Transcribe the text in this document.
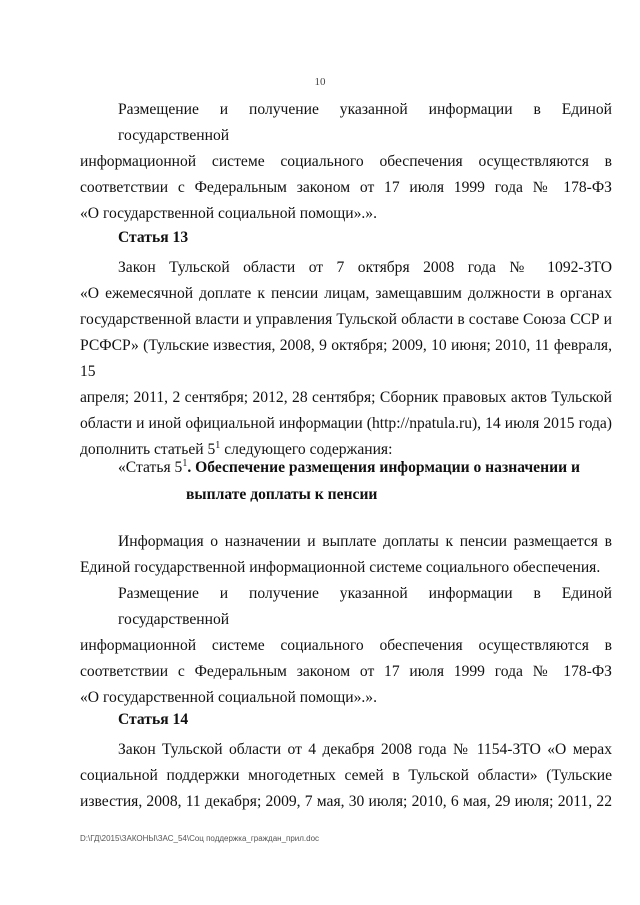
10

Размещение и получение указанной информации в Единой государственной

информационной системе социального обеспечения осуществляются в

соответствии с Федеральным законом от 17 июля 1999 года № 178-ФЗ

«О государственной социальной помощи».».

Статья 13

Закон Тульской области от 7 октября 2008 года № 1092-ЗТО

«О ежемесячной доплате к пенсии лицам, замещавшим должности в органах

государственной власти и управления Тульской области в составе Союза ССР и

РСФСР» (Тульские известия, 2008, 9 октября; 2009, 10 июня; 2010, 11 февраля, 15

апреля; 2011, 2 сентября; 2012, 28 сентября; Сборник правовых актов Тульской

области и иной официальной информации (http://npatula.ru), 14 июля 2015 года)

дополнить статьей $5^1$ следующего содержания:

«Статья $5^1$. Обеспечение размещения информации о назначении и
выплате доплаты к пенсии

Информация о назначении и выплате доплаты к пенсии размещается в

Единой государственной информационной системе социального обеспечения.

Размещение и получение указанной информации в Единой государственной

информационной системе социального обеспечения осуществляются в

соответствии с Федеральным законом от 17 июля 1999 года № 178-ФЗ

«О государственной социальной помощи».».

Статья 14

Закон Тульской области от 4 декабря 2008 года № 1154-ЗТО «О мерах

социальной поддержки многодетных семей в Тульской области» (Тульские

известия, 2008, 11 декабря; 2009, 7 мая, 30 июля; 2010, 6 мая, 29 июля; 2011, 22

D:\ГД\2015\ЗАКОНЫ\ЗАС_54\Соц поддержка_граждан_прил.doc
